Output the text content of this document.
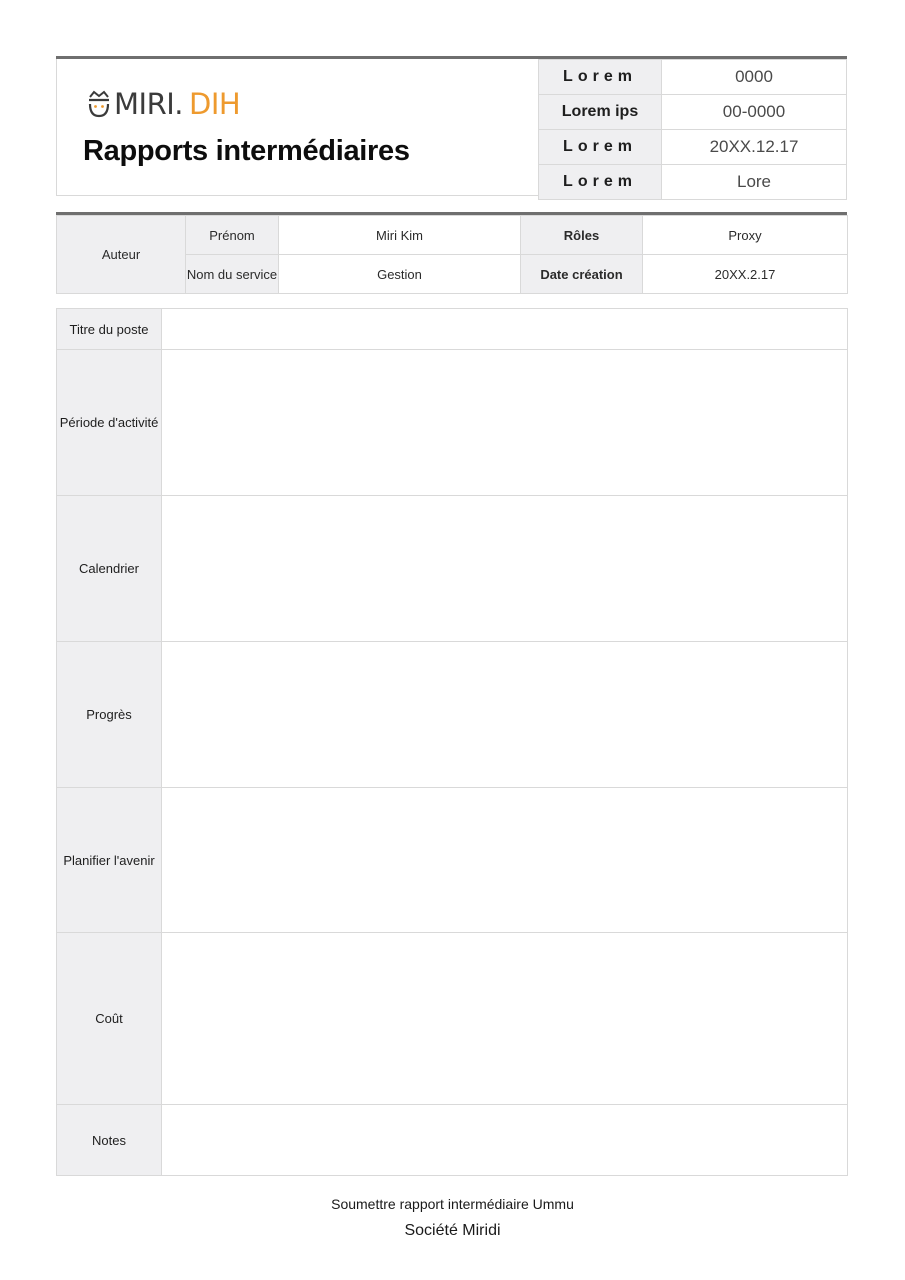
MIRI. DIH
Rapports intermédiaires
Lorem	0000
Lorem ips	00-0000
Lorem	20XX.12.17
Lorem	Lore
Auteur	Prénom	Miri Kim	Rôles	Proxy
	Nom du service	Gestion	Date création	20XX.2.17
Titre du poste	
Période d'activité	
Calendrier	
Progrès	
Planifier l'avenir	
Coût	
Notes	
Soumettre rapport intermédiaire Ummu
Société Miridi
